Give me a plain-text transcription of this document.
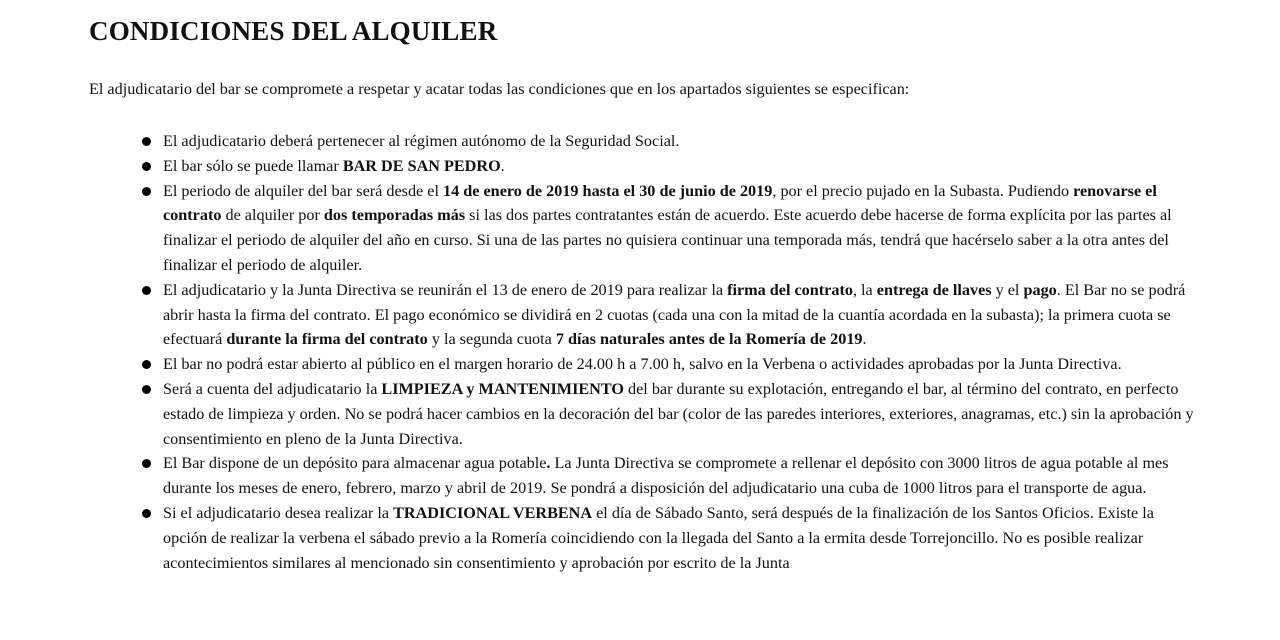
CONDICIONES DEL ALQUILER

El adjudicatario del bar se compromete a respetar y acatar todas las condiciones que en los apartados siguientes se especifican:

El adjudicatario deberá pertenecer al régimen autónomo de la Seguridad Social.
El bar sólo se puede llamar BAR DE SAN PEDRO.
El periodo de alquiler del bar será desde el 14 de enero de 2019 hasta el 30 de junio de 2019, por el precio pujado en la Subasta. Pudiendo renovarse el contrato de alquiler por dos temporadas más si las dos partes contratantes están de acuerdo. Este acuerdo debe hacerse de forma explícita por las partes al finalizar el periodo de alquiler del año en curso. Si una de las partes no quisiera continuar una temporada más, tendrá que hacérselo saber a la otra antes del finalizar el periodo de alquiler.
El adjudicatario y la Junta Directiva se reunirán el 13 de enero de 2019 para realizar la firma del contrato, la entrega de llaves y el pago. El Bar no se podrá abrir hasta la firma del contrato. El pago económico se dividirá en 2 cuotas (cada una con la mitad de la cuantía acordada en la subasta); la primera cuota se efectuará durante la firma del contrato y la segunda cuota 7 días naturales antes de la Romería de 2019.
El bar no podrá estar abierto al público en el margen horario de 24.00 h a 7.00 h, salvo en la Verbena o actividades aprobadas por la Junta Directiva.
Será a cuenta del adjudicatario la LIMPIEZA y MANTENIMIENTO del bar durante su explotación, entregando el bar, al término del contrato, en perfecto estado de limpieza y orden. No se podrá hacer cambios en la decoración del bar (color de las paredes interiores, exteriores, anagramas, etc.) sin la aprobación y consentimiento en pleno de la Junta Directiva.
El Bar dispone de un depósito para almacenar agua potable. La Junta Directiva se compromete a rellenar el depósito con 3000 litros de agua potable al mes durante los meses de enero, febrero, marzo y abril de 2019. Se pondrá a disposición del adjudicatario una cuba de 1000 litros para el transporte de agua.
Si el adjudicatario desea realizar la TRADICIONAL VERBENA el día de Sábado Santo, será después de la finalización de los Santos Oficios. Existe la opción de realizar la verbena el sábado previo a la Romería coincidiendo con la llegada del Santo a la ermita desde Torrejoncillo. No es posible realizar acontecimientos similares al mencionado sin consentimiento y aprobación por escrito de la Junta
